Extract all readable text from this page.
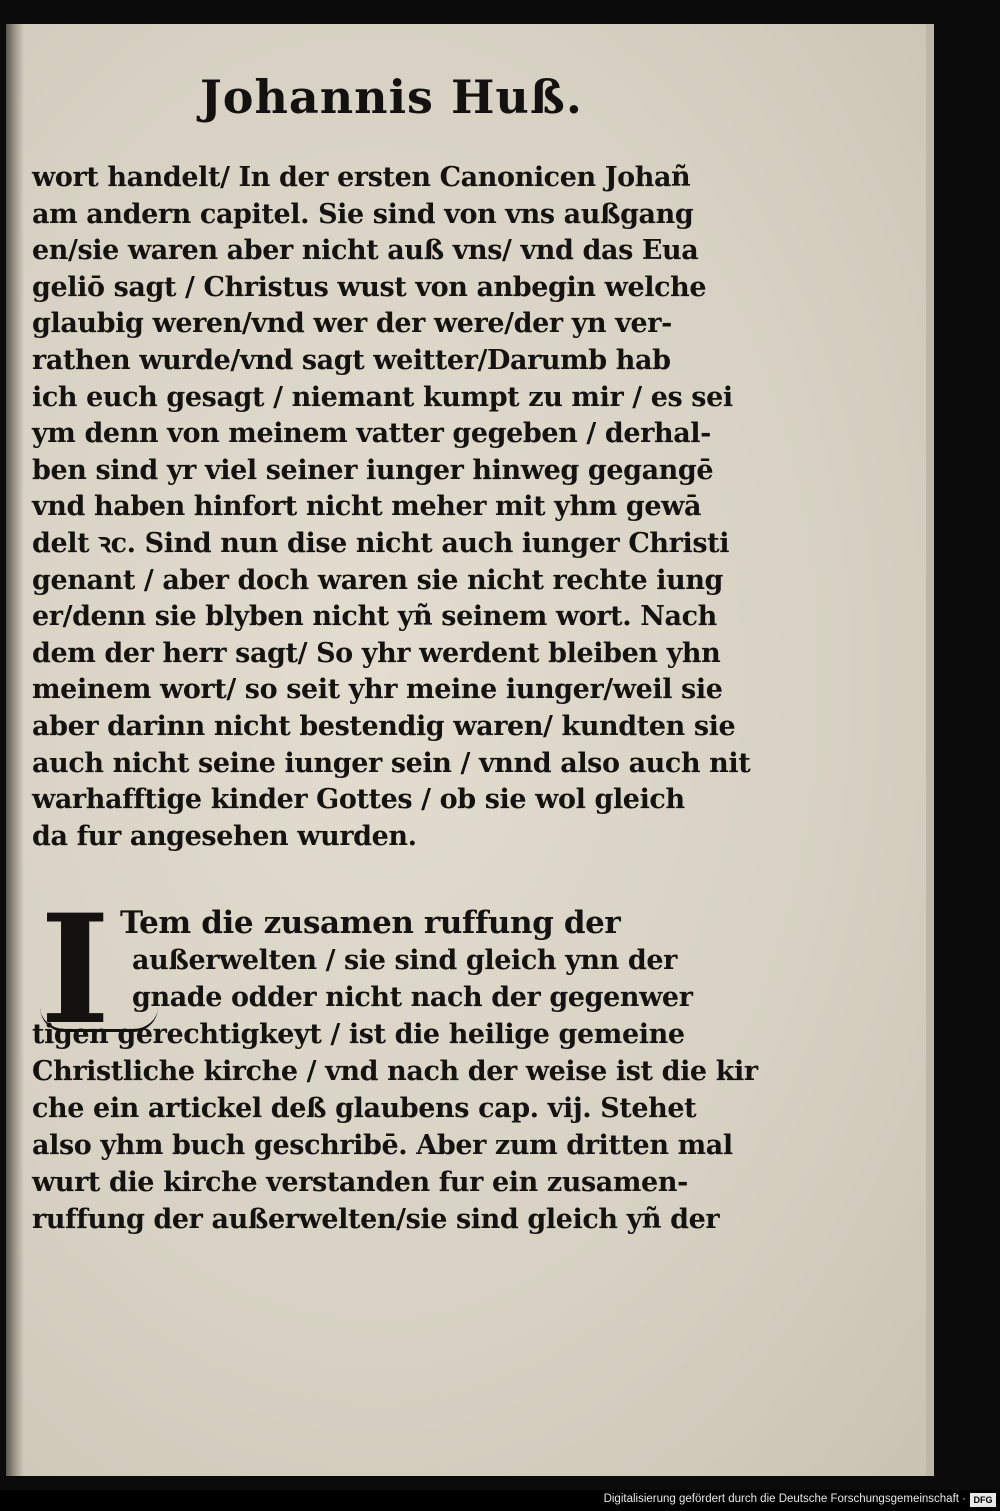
Johannis Huß.
wort handelt/ In der ersten Canonicen Johañ
am andern capitel. Sie sind von vns außgang
en/sie waren aber nicht auß vns/ vnd das Eua
geliō sagt / Christus wust von anbegin welche
glaubig weren/vnd wer der were/der yn ver-
rathen wurde/vnd sagt weitter/Darumb hab
ich euch gesagt / niemant kumpt zu mir / es sei
ym denn von meinem vatter gegeben / derhal-
ben sind yr viel seiner iunger hinweg gegangē
vnd haben hinfort nicht meher mit yhm gewā
delt ꝛc. Sind nun dise nicht auch iunger Christi
genant / aber doch waren sie nicht rechte iung
er/denn sie blyben nicht yñ seinem wort. Nach
dem der herr sagt/ So yhr werdent bleiben yhn
meinem wort/ so seit yhr meine iunger/weil sie
aber darinn nicht bestendig waren/ kundten sie
auch nicht seine iunger sein / vnnd also auch nit
warhafftige kinder Gottes / ob sie wol gleich
da fur angesehen wurden.
I Tem die zusamen ruffung der
außerwelten / sie sind gleich ynn der
gnade odder nicht nach der gegenwer
tigen gerechtigkeyt / ist die heilige gemeine
Christliche kirche / vnd nach der weise ist die kir
che ein artickel deß glaubens cap. vij. Stehet
also yhm buch geschribē. Aber zum dritten mal
wurt die kirche verstanden fur ein zusamen-
ruffung der außerwelten/sie sind gleich yñ der
Digitalisierung gefördert durch die Deutsche Forschungsgemeinschaft · DFG
